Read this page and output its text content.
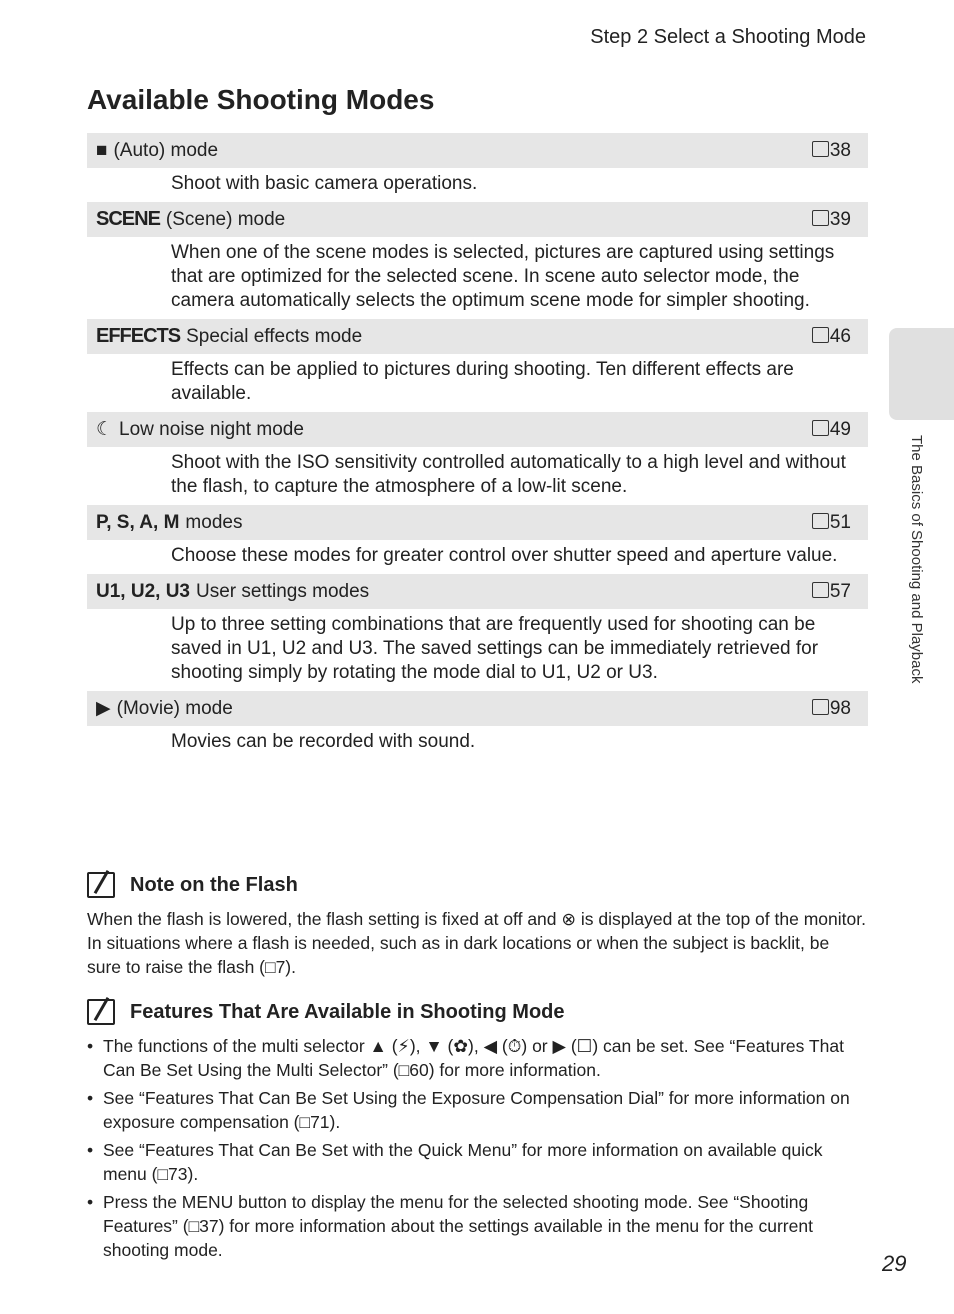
Step 2 Select a Shooting Mode
Available Shooting Modes
The Basics of Shooting and Playback
■ (Auto) mode	38
Shoot with basic camera operations.
SCENE (Scene) mode	39
When one of the scene modes is selected, pictures are captured using settings that are optimized for the selected scene. In scene auto selector mode, the camera automatically selects the optimum scene mode for simpler shooting.
EFFECTS Special effects mode	46
Effects can be applied to pictures during shooting. Ten different effects are available.
☾ Low noise night mode	49
Shoot with the ISO sensitivity controlled automatically to a high level and without the flash, to capture the atmosphere of a low-lit scene.
P, S, A, M modes	51
Choose these modes for greater control over shutter speed and aperture value.
U1, U2, U3 User settings modes	57
Up to three setting combinations that are frequently used for shooting can be saved in U1, U2 and U3. The saved settings can be immediately retrieved for shooting simply by rotating the mode dial to U1, U2 or U3.
▶ (Movie) mode	98
Movies can be recorded with sound.
Note on the Flash
When the flash is lowered, the flash setting is fixed at off and ⊗ is displayed at the top of the monitor. In situations where a flash is needed, such as in dark locations or when the subject is backlit, be sure to raise the flash (□7).
Features That Are Available in Shooting Mode
• The functions of the multi selector ▲ (⚡), ▼ (✿), ◀ (⏱) or ▶ (☐) can be set. See “Features That Can Be Set Using the Multi Selector” (□60) for more information.
• See “Features That Can Be Set Using the Exposure Compensation Dial” for more information on exposure compensation (□71).
• See “Features That Can Be Set with the Quick Menu” for more information on available quick menu (□73).
• Press the MENU button to display the menu for the selected shooting mode. See “Shooting Features” (□37) for more information about the settings available in the menu for the current shooting mode.
29
